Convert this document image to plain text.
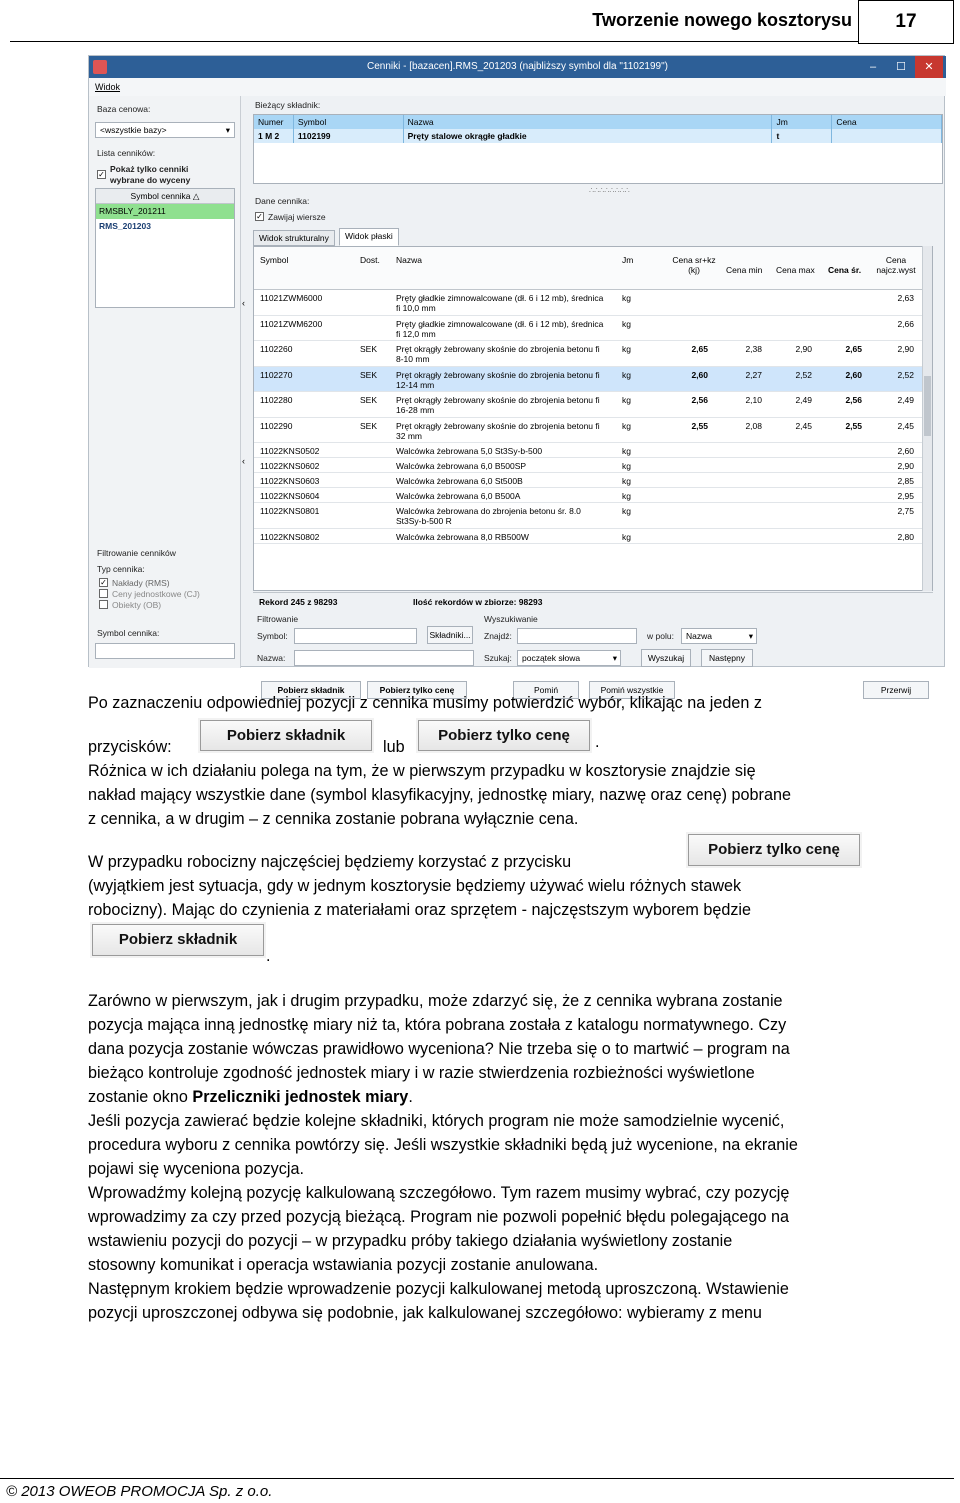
Tworzenie nowego kosztorysu	17
Cenniki - [bazacen].RMS_201203 (najbliższy symbol dla "1102199")	–	☐	✕
Widok
Baza cenowa:
<wszystkie bazy>	▾
Lista cenników:
✓
Pokaż tylko cenniki
wybrane do wyceny
Symbol cennika △
RMSBLY_201211
RMS_201203
Filtrowanie cenników
Typ cennika:
✓ Nakłady (RMS)
Ceny jednostkowe (CJ)
Obiekty (OB)
Symbol cennika:
‹
‹
Bieżący składnik:
Numer	Symbol	Nazwa	Jm	Cena
1 M 2	1102199	Pręty stalowe okrągłe gładkie	t
∴∴∴∴∴∴∴∴
Dane cennika:
✓ Zawijaj wiersze
Widok strukturalny	Widok płaski
Symbol	Dost. Nazwa	Jm	Cena sr+kz (kj)	Cena min Cena max Cena śr.
Cena najcz.wyst
11021ZWM6000	Pręty gładkie zimnowalcowane (dł. 6 i 12 mb), średnica
fi 10,0 mm
kg	2,63
11021ZWM6200	Pręty gładkie zimnowalcowane (dł. 6 i 12 mb), średnica
fi 12,0 mm
kg	2,66
1102260	SEK Pręt okrągły żebrowany skośnie do zbrojenia betonu fi
8-10 mm
kg	2,65	2,38	2,90	2,65	2,90
1102270	SEK Pręt okrągły żebrowany skośnie do zbrojenia betonu fi
12-14 mm
kg	2,60	2,27	2,52	2,60	2,52
1102280	SEK Pręt okrągły żebrowany skośnie do zbrojenia betonu fi
16-28 mm
kg	2,56	2,10	2,49	2,56	2,49
1102290	SEK Pręt okrągły żebrowany skośnie do zbrojenia betonu fi
32 mm
kg	2,55	2,08	2,45	2,55	2,45
11022KNS0502	Walcówka żebrowana 5,0 St3Sy-b-500	kg	2,60
11022KNS0602	Walcówka żebrowana 6,0 B500SP	kg	2,90
11022KNS0603	Walcówka żebrowana 6,0 St500B	kg	2,85
11022KNS0604	Walcówka żebrowana 6,0 B500A	kg	2,95
11022KNS0801	Walcówka żebrowana do zbrojenia betonu śr. 8.0
St3Sy-b-500 R
kg	2,75
11022KNS0802	Walcówka żebrowana 8,0 RB500W	kg	2,80
Rekord 245 z 98293	Ilość rekordów w zbiorze: 98293
Filtrowanie
Symbol:	Składniki...
Nazwa:
Wyszukiwanie
Znajdź:	w polu:	Nazwa	▾
Szukaj:	początek słowa	▾	Wyszukaj	Następny
Pobierz składnik	Pobierz tylko cenę	Pomiń	Pomiń wszystkie	Przerwij
Po zaznaczeniu odpowiedniej pozycji z cennika musimy potwierdzić wybór, klikając na jeden z
przycisków:
Pobierz składnik
lub
Pobierz tylko cenę	.
Różnica w ich działaniu polega na tym, że w pierwszym przypadku w kosztorysie znajdzie się
nakład mający wszystkie dane (symbol klasyfikacyjny, jednostkę miary, nazwę oraz cenę) pobrane
z cennika, a w drugim – z cennika zostanie pobrana wyłącznie cena.
W przypadku robocizny najczęściej będziemy korzystać z przycisku
Pobierz tylko cenę
(wyjątkiem jest sytuacja, gdy w jednym kosztorysie będziemy używać wielu różnych stawek
robocizny). Mając do czynienia z materiałami oraz sprzętem - najczęstszym wyborem będzie
Pobierz składnik
.
Zarówno w pierwszym, jak i drugim przypadku, może zdarzyć się, że z cennika wybrana zostanie
pozycja mająca inną jednostkę miary niż ta, która pobrana została z katalogu normatywnego. Czy
dana pozycja zostanie wówczas prawidłowo wyceniona? Nie trzeba się o to martwić – program na
bieżąco kontroluje zgodność jednostek miary i w razie stwierdzenia rozbieżności wyświetlone
zostanie okno Przeliczniki jednostek miary.
Jeśli pozycja zawierać będzie kolejne składniki, których program nie może samodzielnie wycenić,
procedura wyboru z cennika powtórzy się. Jeśli wszystkie składniki będą już wycenione, na ekranie
pojawi się wyceniona pozycja.
Wprowadźmy kolejną pozycję kalkulowaną szczegółowo. Tym razem musimy wybrać, czy pozycję
wprowadzimy za czy przed pozycją bieżącą. Program nie pozwoli popełnić błędu polegającego na
wstawieniu pozycji do pozycji – w przypadku próby takiego działania wyświetlony zostanie
stosowny komunikat i operacja wstawiania pozycji zostanie anulowana.
Następnym krokiem będzie wprowadzenie pozycji kalkulowanej metodą uproszczoną. Wstawienie
pozycji uproszczonej odbywa się podobnie, jak kalkulowanej szczegółowo: wybieramy z menu
© 2013 OWEOB PROMOCJA Sp. z o.o.
